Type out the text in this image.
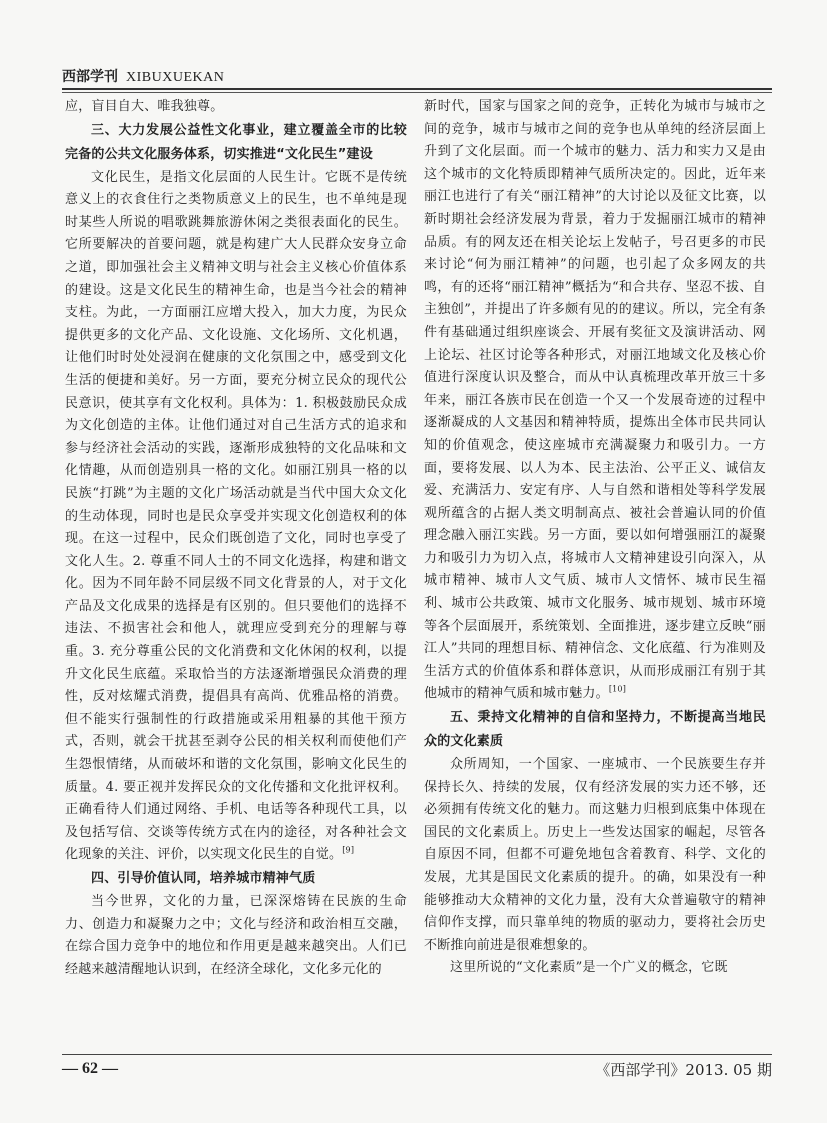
西部学刊 XIBUXUEKAN

应，盲目自大、唯我独尊。

三、大力发展公益性文化事业，建立覆盖全市的比较完备的公共文化服务体系，切实推进“文化民生”建设

文化民生，是指文化层面的人民生计。它既不是传统意义上的衣食住行之类物质意义上的民生，也不单纯是现时某些人所说的唱歌跳舞旅游休闲之类很表面化的民生。它所要解决的首要问题，就是构建广大人民群众安身立命之道，即加强社会主义精神文明与社会主义核心价值体系的建设。这是文化民生的精神生命，也是当今社会的精神支柱。为此，一方面丽江应增大投入，加大力度，为民众提供更多的文化产品、文化设施、文化场所、文化机遇，让他们时时处处浸润在健康的文化氛围之中，感受到文化生活的便捷和美好。另一方面，要充分树立民众的现代公民意识，使其享有文化权利。具体为：1. 积极鼓励民众成为文化创造的主体。让他们通过对自己生活方式的追求和参与经济社会活动的实践，逐渐形成独特的文化品味和文化情趣，从而创造别具一格的文化。如丽江别具一格的以民族“打跳”为主题的文化广场活动就是当代中国大众文化的生动体现，同时也是民众享受并实现文化创造权利的体现。在这一过程中，民众们既创造了文化，同时也享受了文化人生。2. 尊重不同人士的不同文化选择，构建和谐文化。因为不同年龄不同层级不同文化背景的人，对于文化产品及文化成果的选择是有区别的。但只要他们的选择不违法、不损害社会和他人，就理应受到充分的理解与尊重。3. 充分尊重公民的文化消费和文化休闲的权利，以提升文化民生底蕴。采取恰当的方法逐渐增强民众消费的理性，反对炫耀式消费，提倡具有高尚、优雅品格的消费。但不能实行强制性的行政措施或采用粗暴的其他干预方式，否则，就会干扰甚至剥夺公民的相关权利而使他们产生怨恨情绪，从而破坏和谐的文化氛围，影响文化民生的质量。4. 要正视并发挥民众的文化传播和文化批评权利。正确看待人们通过网络、手机、电话等各种现代工具，以及包括写信、交谈等传统方式在内的途径，对各种社会文化现象的关注、评价，以实现文化民生的自觉。[9]

四、引导价值认同，培养城市精神气质

当今世界，文化的力量，已深深熔铸在民族的生命力、创造力和凝聚力之中；文化与经济和政治相互交融，在综合国力竞争中的地位和作用更是越来越突出。人们已经越来越清醒地认识到，在经济全球化，文化多元化的

新时代，国家与国家之间的竞争，正转化为城市与城市之间的竞争，城市与城市之间的竞争也从单纯的经济层面上升到了文化层面。而一个城市的魅力、活力和实力又是由这个城市的文化特质即精神气质所决定的。因此，近年来丽江也进行了有关“丽江精神”的大讨论以及征文比赛，以新时期社会经济发展为背景，着力于发掘丽江城市的精神品质。有的网友还在相关论坛上发帖子，号召更多的市民来讨论“何为丽江精神”的问题，也引起了众多网友的共鸣，有的还将“丽江精神”概括为“和合共存、坚忍不拔、自主独创”，并提出了许多颇有见的的建议。所以，完全有条件有基础通过组织座谈会、开展有奖征文及演讲活动、网上论坛、社区讨论等各种形式，对丽江地域文化及核心价值进行深度认识及整合，而从中认真梳理改革开放三十多年来，丽江各族市民在创造一个又一个发展奇迹的过程中逐渐凝成的人文基因和精神特质，提炼出全体市民共同认知的价值观念，使这座城市充满凝聚力和吸引力。一方面，要将发展、以人为本、民主法治、公平正义、诚信友爱、充满活力、安定有序、人与自然和谐相处等科学发展观所蕴含的占据人类文明制高点、被社会普遍认同的价值理念融入丽江实践。另一方面，要以如何增强丽江的凝聚力和吸引力为切入点，将城市人文精神建设引向深入，从城市精神、城市人文气质、城市人文情怀、城市民生福利、城市公共政策、城市文化服务、城市规划、城市环境等各个层面展开，系统策划、全面推进，逐步建立反映“丽江人”共同的理想目标、精神信念、文化底蕴、行为准则及生活方式的价值体系和群体意识，从而形成丽江有别于其他城市的精神气质和城市魅力。[10]

五、秉持文化精神的自信和坚持力，不断提高当地民众的文化素质

众所周知，一个国家、一座城市、一个民族要生存并保持长久、持续的发展，仅有经济发展的实力还不够，还必须拥有传统文化的魅力。而这魅力归根到底集中体现在国民的文化素质上。历史上一些发达国家的崛起，尽管各自原因不同，但都不可避免地包含着教育、科学、文化的发展，尤其是国民文化素质的提升。的确，如果没有一种能够推动大众精神的文化力量，没有大众普遍敬守的精神信仰作支撑，而只靠单纯的物质的驱动力，要将社会历史不断推向前进是很难想象的。

这里所说的“文化素质”是一个广义的概念，它既

— 62 —	《西部学刊》2013. 05 期
